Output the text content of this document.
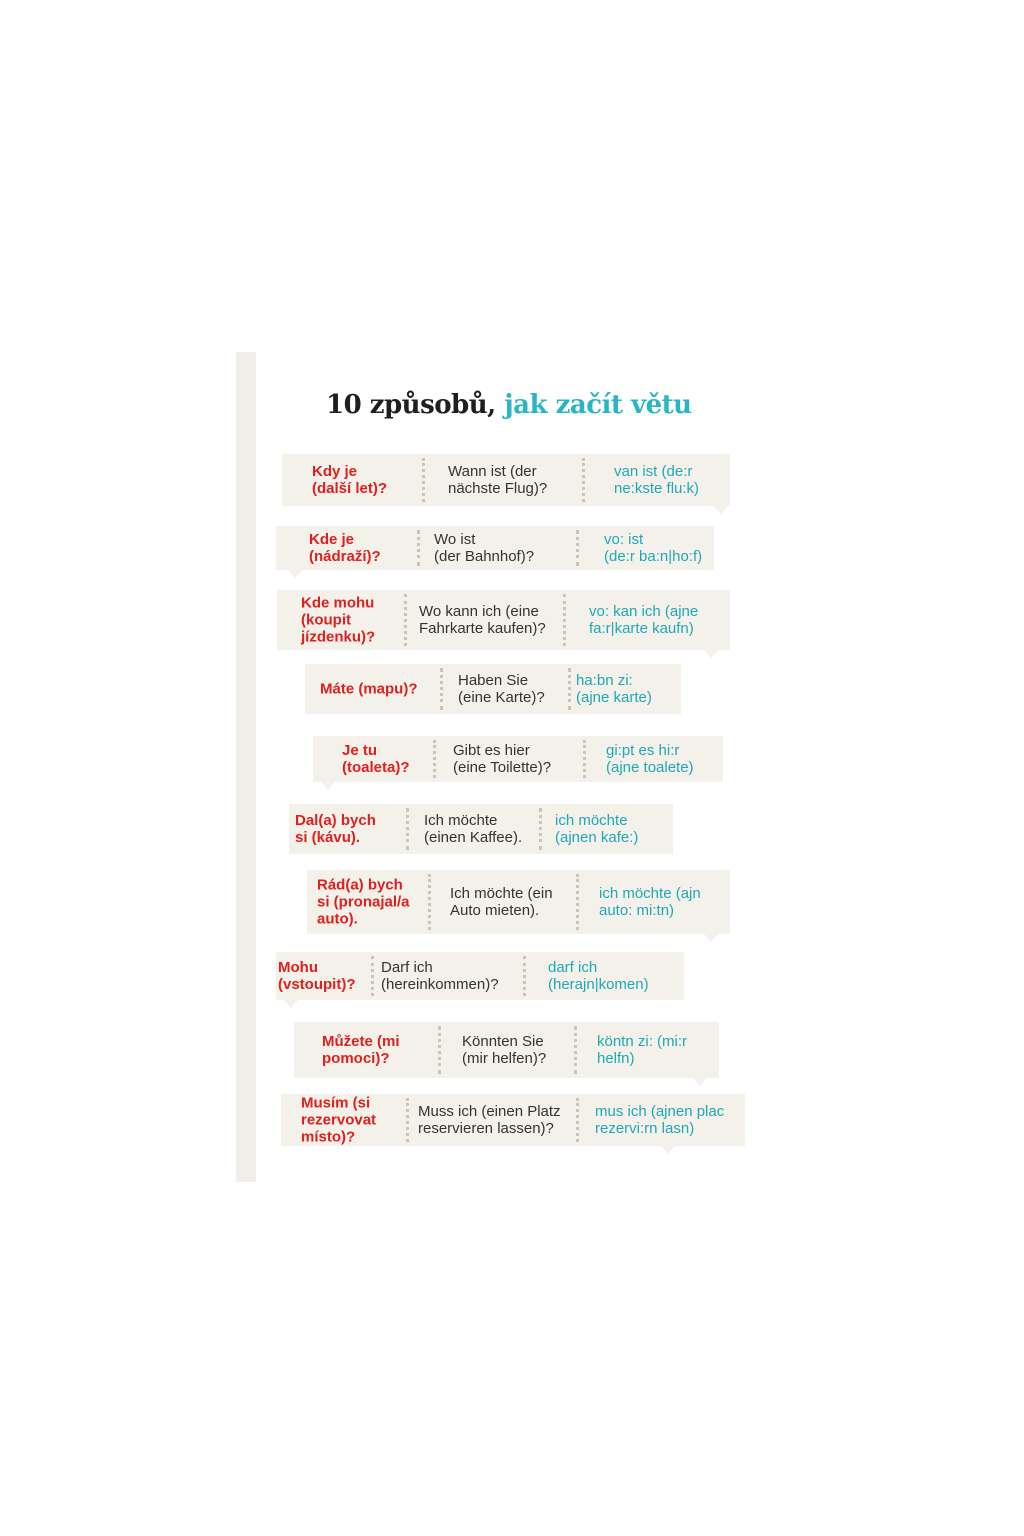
10 způsobů, jak začít větu
Kdy je
(další let)?
Wann ist (der
nächste Flug)?
van ist (de:r
ne:kste flu:k)
Kde je
(nádraží)?
Wo ist
(der Bahnhof)?
vo: ist
(de:r ba:n|ho:f)
Kde mohu
(koupit
jízdenku)?
Wo kann ich (eine
Fahrkarte kaufen)?
vo: kan ich (ajne
fa:r|karte kaufn)
Máte (mapu)?	Haben Sie
(eine Karte)?
ha:bn zi:
(ajne karte)
Je tu
(toaleta)?
Gibt es hier
(eine Toilette)?
gi:pt es hi:r
(ajne toalete)
Dal(a) bych
si (kávu).
Ich möchte
(einen Kaffee).
ich möchte
(ajnen kafe:)
Rád(a) bych
si (pronajal/a
auto).
Ich möchte (ein
Auto mieten).
ich möchte (ajn
auto: mi:tn)
Mohu
(vstoupit)?
Darf ich
(hereinkommen)?
darf ich
(herajn|komen)
Můžete (mi
pomoci)?
Könnten Sie
(mir helfen)?
köntn zi: (mi:r
helfn)
Musím (si
rezervovat
místo)?
Muss ich (einen Platz
reservieren lassen)?
mus ich (ajnen plac
rezervi:rn lasn)
